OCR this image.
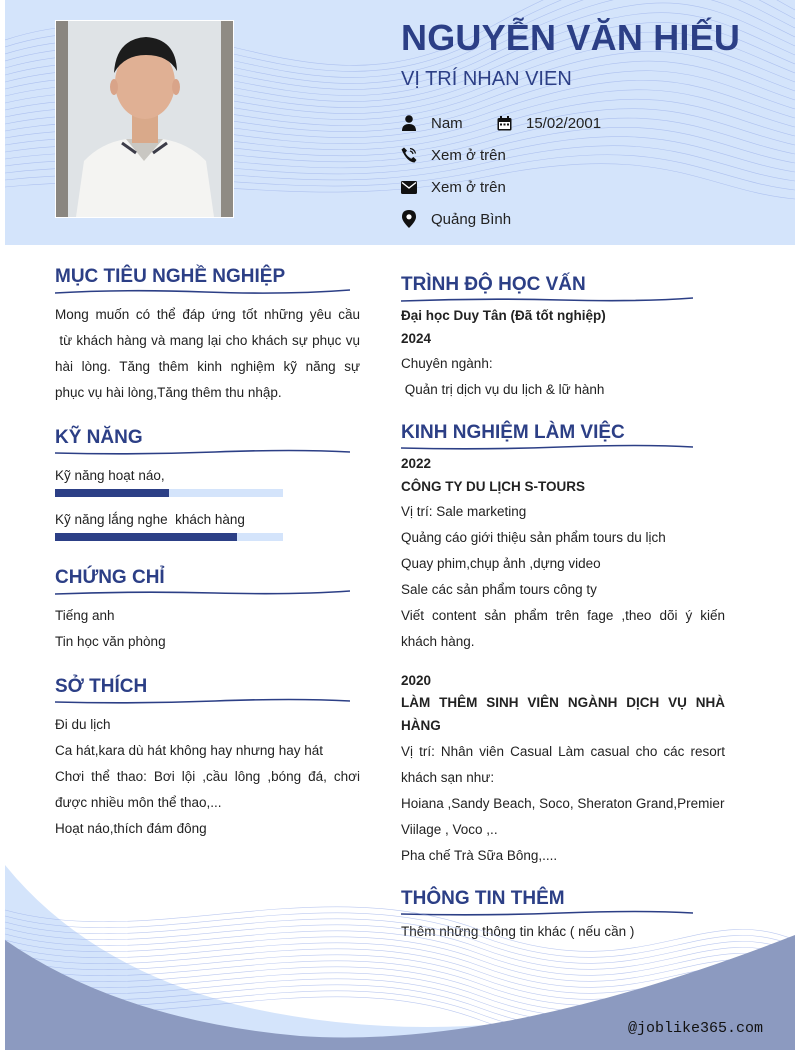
NGUYỄN VĂN HIẾU
VỊ TRÍ NHAN VIEN
Nam	15/02/2001
Xem ở trên
Xem ở trên
Quảng Bình
MỤC TIÊU NGHỀ NGHIỆP
Mong muốn có thể đáp ứng tốt những yêu cầu
từ khách hàng và mang lại cho khách sự phục vụ
hài lòng. Tăng thêm kinh nghiệm kỹ năng sự
phục vụ hài lòng,Tăng thêm thu nhập.
KỸ NĂNG
Kỹ năng hoạt náo,
Kỹ năng lắng nghe  khách hàng
CHỨNG CHỈ
Tiếng anh
Tin học văn phòng
SỞ THÍCH
Đi du lịch
Ca hát,kara dù hát không hay nhưng hay hát
Chơi thể thao: Bơi lội ,cầu lông ,bóng đá, chơi
được nhiều môn thể thao,...
Hoạt náo,thích đám đông
TRÌNH ĐỘ HỌC VẤN
Đại học Duy Tân (Đã tốt nghiệp)
2024
Chuyên ngành:
Quản trị dịch vụ du lịch & lữ hành
KINH NGHIỆM LÀM VIỆC
2022
CÔNG TY DU LỊCH S-TOURS
Vị trí: Sale marketing
Quảng cáo giới thiệu sản phẩm tours du lịch
Quay phim,chụp ảnh ,dựng video
Sale các sản phẩm tours công ty
Viết content sản phẩm trên fage ,theo dõi ý kiến
khách hàng.
2020
LÀM THÊM SINH VIÊN NGÀNH DỊCH VỤ NHÀ
HÀNG
Vị trí: Nhân viên Casual Làm casual cho các resort
khách sạn như:
Hoiana ,Sandy Beach, Soco, Sheraton Grand,Premier
Viilage , Voco ,..
Pha chế Trà Sữa Bông,....
THÔNG TIN THÊM
Thêm những thông tin khác ( nếu cần )
@joblike365.com
